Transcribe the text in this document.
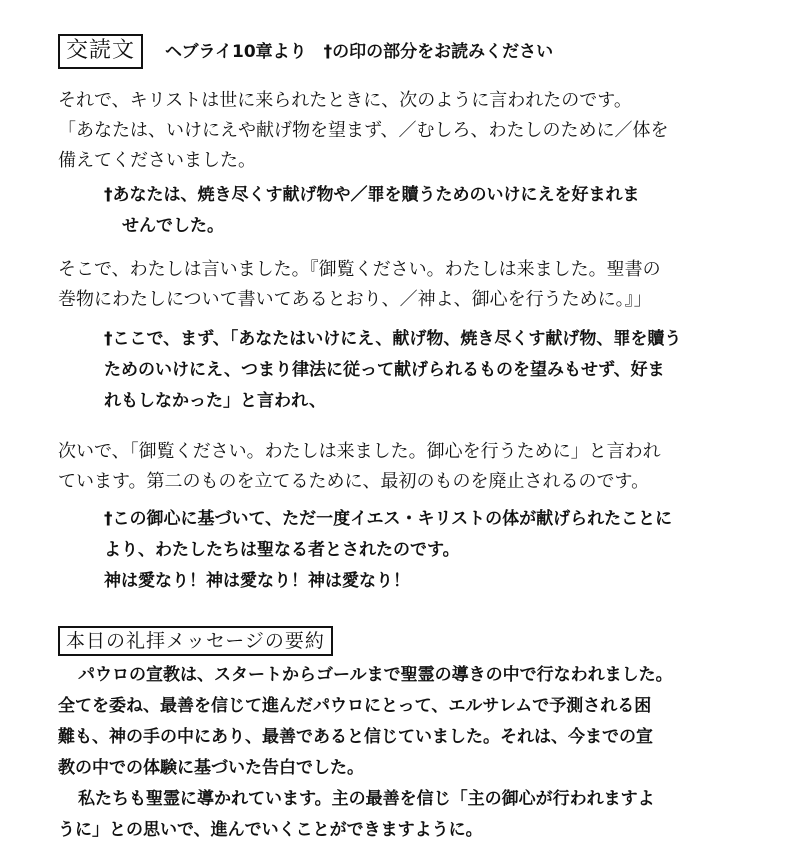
交読文	ヘブライ10章より　†の印の部分をお読みください

それで、キリストは世に来られたときに、次のように言われたのです。
「あなたは、いけにえや献げ物を望まず、／むしろ、わたしのために／体を
備えてくださいました。

†あなたは、焼き尽くす献げ物や／罪を贖うためのいけにえを好まれま
せんでした。

そこで、わたしは言いました。『御覧ください。わたしは来ました。聖書の
巻物にわたしについて書いてあるとおり、／神よ、御心を行うために。』」

†ここで、まず、「あなたはいけにえ、献げ物、焼き尽くす献げ物、罪を贖う
ためのいけにえ、つまり律法に従って献げられるものを望みもせず、好ま
れもしなかった」と言われ、

次いで、「御覧ください。わたしは来ました。御心を行うために」と言われ
ています。第二のものを立てるために、最初のものを廃止されるのです。

†この御心に基づいて、ただ一度イエス・キリストの体が献げられたことに
より、わたしたちは聖なる者とされたのです。
神は愛なり！神は愛なり！神は愛なり！

本日の礼拝メッセージの要約

パウロの宣教は、スタートからゴールまで聖霊の導きの中で行なわれました。
全てを委ね、最善を信じて進んだパウロにとって、エルサレムで予測される困
難も、神の手の中にあり、最善であると信じていました。それは、今までの宣
教の中での体験に基づいた告白でした。
私たちも聖霊に導かれています。主の最善を信じ「主の御心が行われますよ
うに」との思いで、進んでいくことができますように。
